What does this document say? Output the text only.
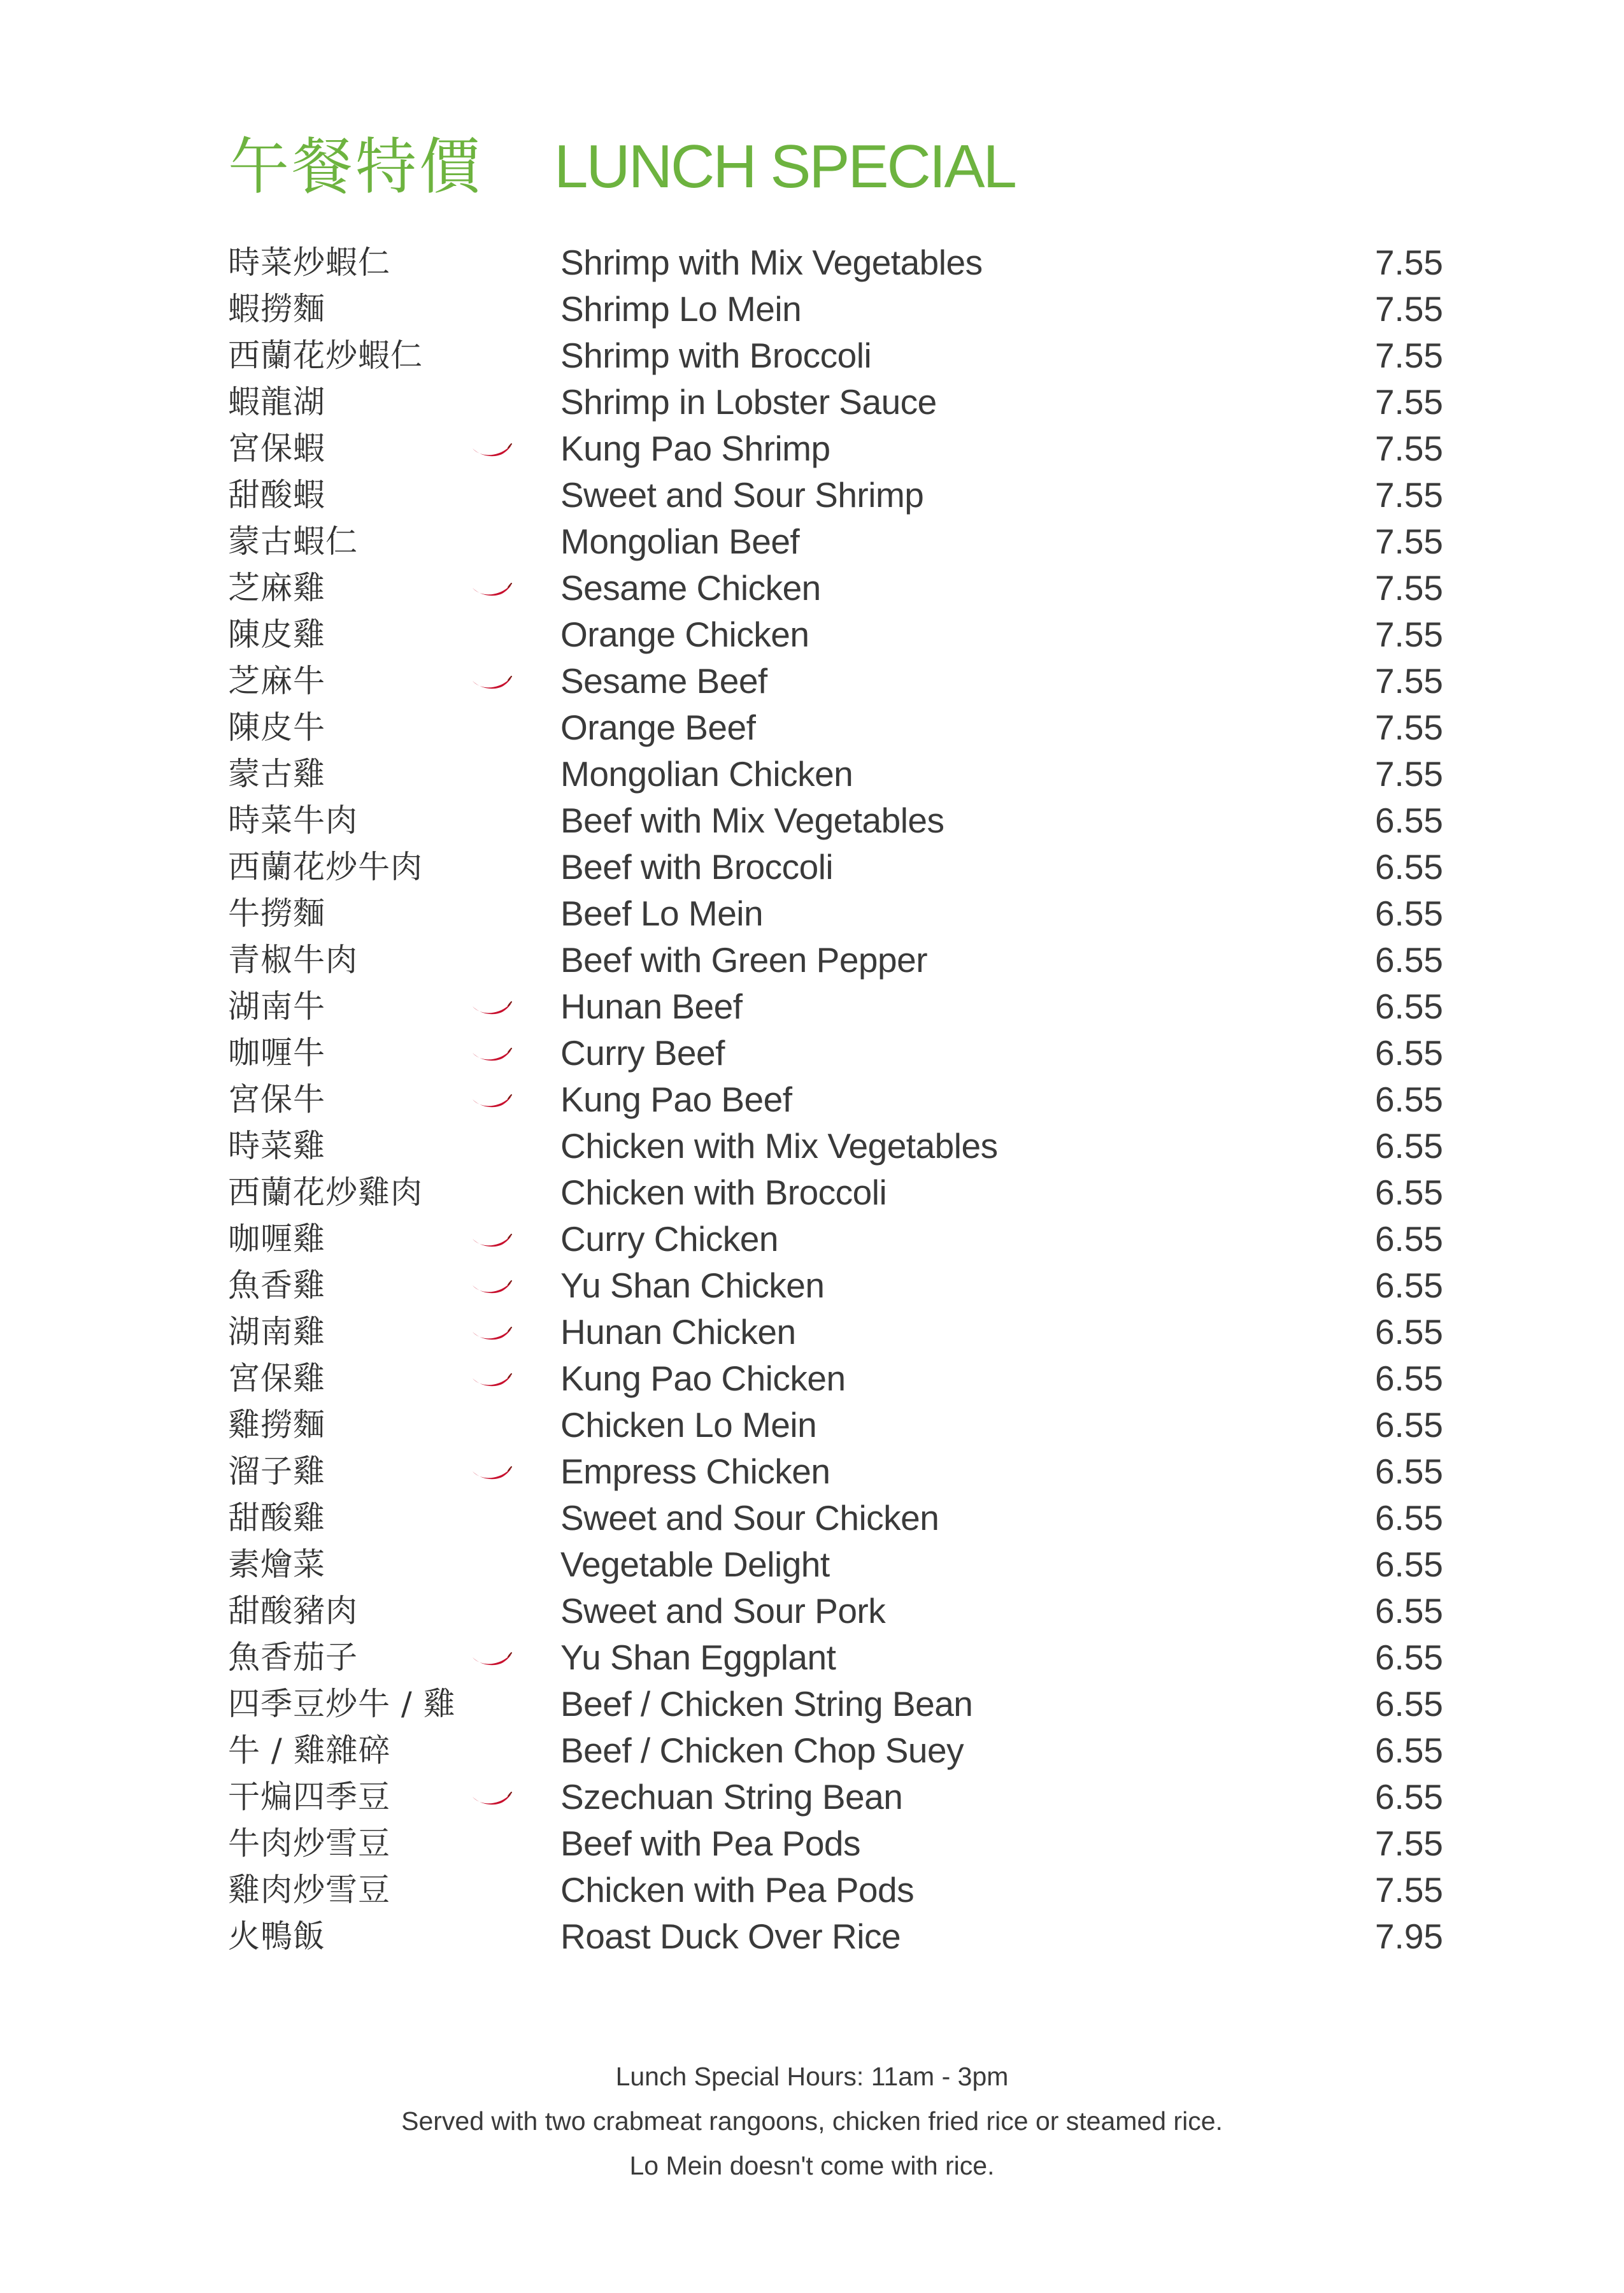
午餐特價 LUNCH SPECIAL
時菜炒蝦仁	Shrimp with Mix Vegetables	7.55
蝦撈麵	Shrimp Lo Mein	7.55
西蘭花炒蝦仁	Shrimp with Broccoli	7.55
蝦龍湖	Shrimp in Lobster Sauce	7.55
宮保蝦	Kung Pao Shrimp	7.55
甜酸蝦	Sweet and Sour Shrimp	7.55
蒙古蝦仁	Mongolian Beef	7.55
芝麻雞	Sesame Chicken	7.55
陳皮雞	Orange Chicken	7.55
芝麻牛	Sesame Beef	7.55
陳皮牛	Orange Beef	7.55
蒙古雞	Mongolian Chicken	7.55
時菜牛肉	Beef with Mix Vegetables	6.55
西蘭花炒牛肉	Beef with Broccoli	6.55
牛撈麵	Beef Lo Mein	6.55
青椒牛肉	Beef with Green Pepper	6.55
湖南牛	Hunan Beef	6.55
咖喱牛	Curry Beef	6.55
宮保牛	Kung Pao Beef	6.55
時菜雞	Chicken with Mix Vegetables	6.55
西蘭花炒雞肉	Chicken with Broccoli	6.55
咖喱雞	Curry Chicken	6.55
魚香雞	Yu Shan Chicken	6.55
湖南雞	Hunan Chicken	6.55
宮保雞	Kung Pao Chicken	6.55
雞撈麵	Chicken Lo Mein	6.55
溜子雞	Empress Chicken	6.55
甜酸雞	Sweet and Sour Chicken	6.55
素燴菜	Vegetable Delight	6.55
甜酸豬肉	Sweet and Sour Pork	6.55
魚香茄子	Yu Shan Eggplant	6.55
四季豆炒牛 / 雞	Beef / Chicken String Bean	6.55
牛 / 雞雜碎	Beef / Chicken Chop Suey	6.55
干煸四季豆	Szechuan String Bean	6.55
牛肉炒雪豆	Beef with Pea Pods	7.55
雞肉炒雪豆	Chicken with Pea Pods	7.55
火鴨飯	Roast Duck Over Rice	7.95
Lunch Special Hours: 11am - 3pm
Served with two crabmeat rangoons, chicken fried rice or steamed rice.
Lo Mein doesn't come with rice.
